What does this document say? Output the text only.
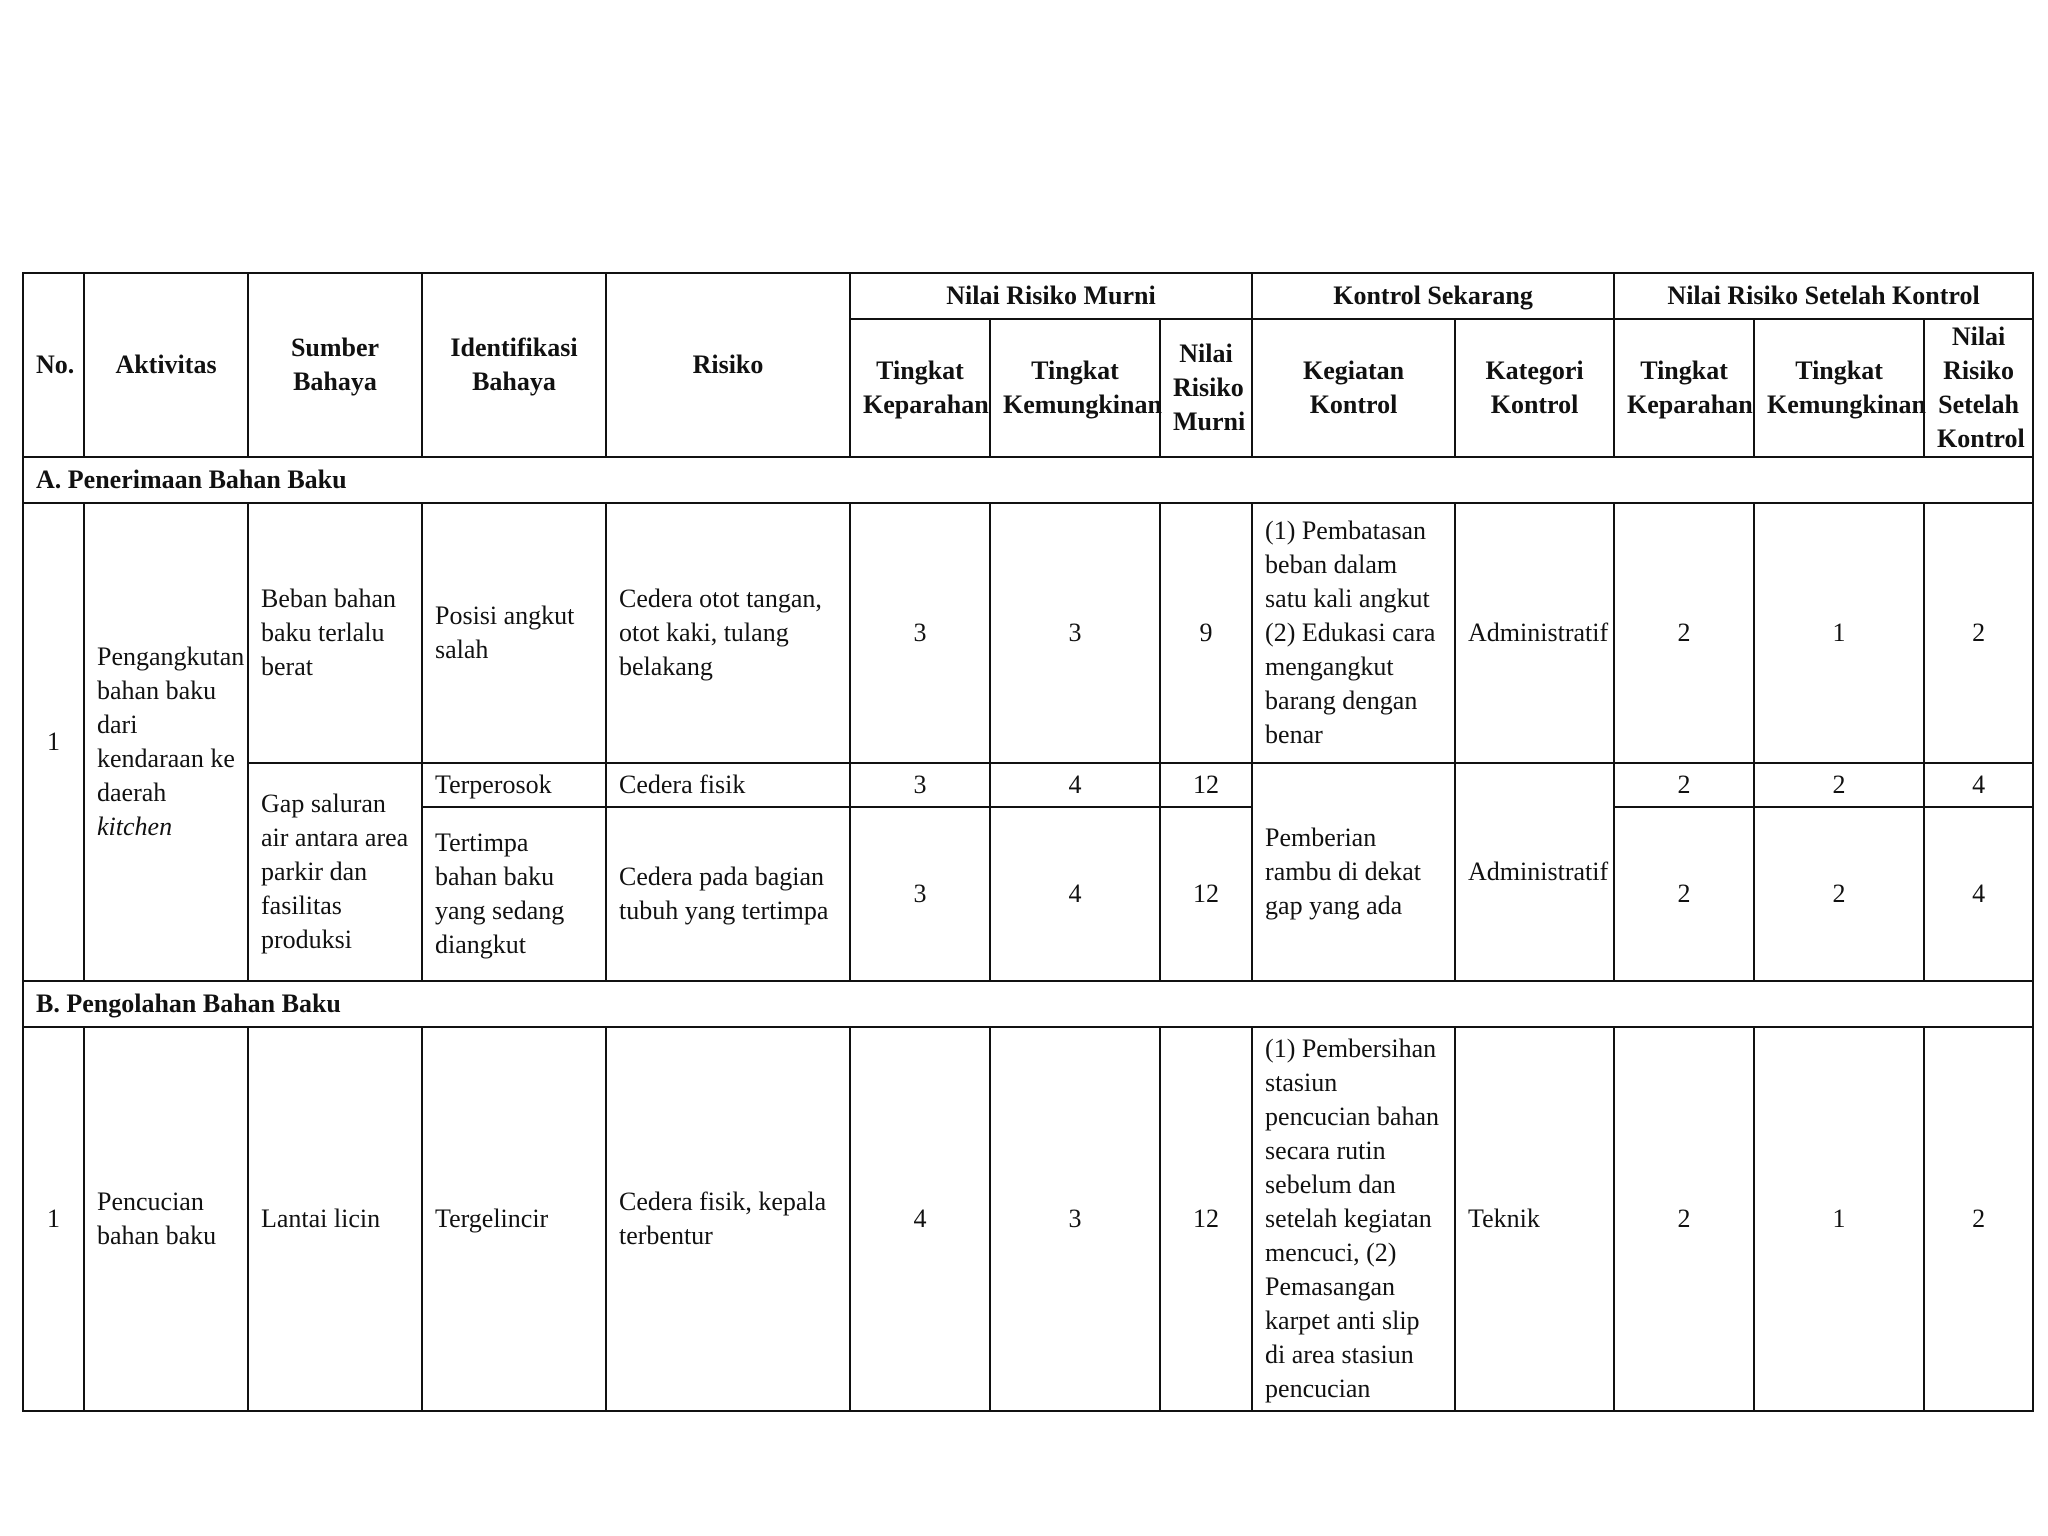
No.	Aktivitas	Sumber Bahaya	Identifikasi Bahaya	Risiko	Nilai Risiko Murni			Kontrol Sekarang		Nilai Risiko Setelah Kontrol		
					Tingkat Keparahan	Tingkat Kemungkinan	Nilai Risiko Murni	Kegiatan Kontrol	Kategori Kontrol	Tingkat Keparahan	Tingkat Kemungkinan	Nilai Risiko Setelah Kontrol
A. Penerimaan Bahan Baku												
1	Pengangkutan bahan baku dari kendaraan ke daerah kitchen	Beban bahan baku terlalu berat	Posisi angkut salah	Cedera otot tangan, otot kaki, tulang belakang	3	3	9	(1) Pembatasan beban dalam satu kali angkut (2) Edukasi cara mengangkut barang dengan benar	Administratif	2	1	2
		Gap saluran air antara area parkir dan fasilitas produksi	Terperosok	Cedera fisik	3	4	12	Pemberian rambu di dekat gap yang ada	Administratif	2	2	4
			Tertimpa bahan baku yang sedang diangkut	Cedera pada bagian tubuh yang tertimpa	3	4	12			2	2	4
B. Pengolahan Bahan Baku												
1	Pencucian bahan baku	Lantai licin	Tergelincir	Cedera fisik, kepala terbentur	4	3	12	(1) Pembersihan stasiun pencucian bahan secara rutin sebelum dan setelah kegiatan mencuci, (2) Pemasangan karpet anti slip di area stasiun pencucian	Teknik	2	1	2
